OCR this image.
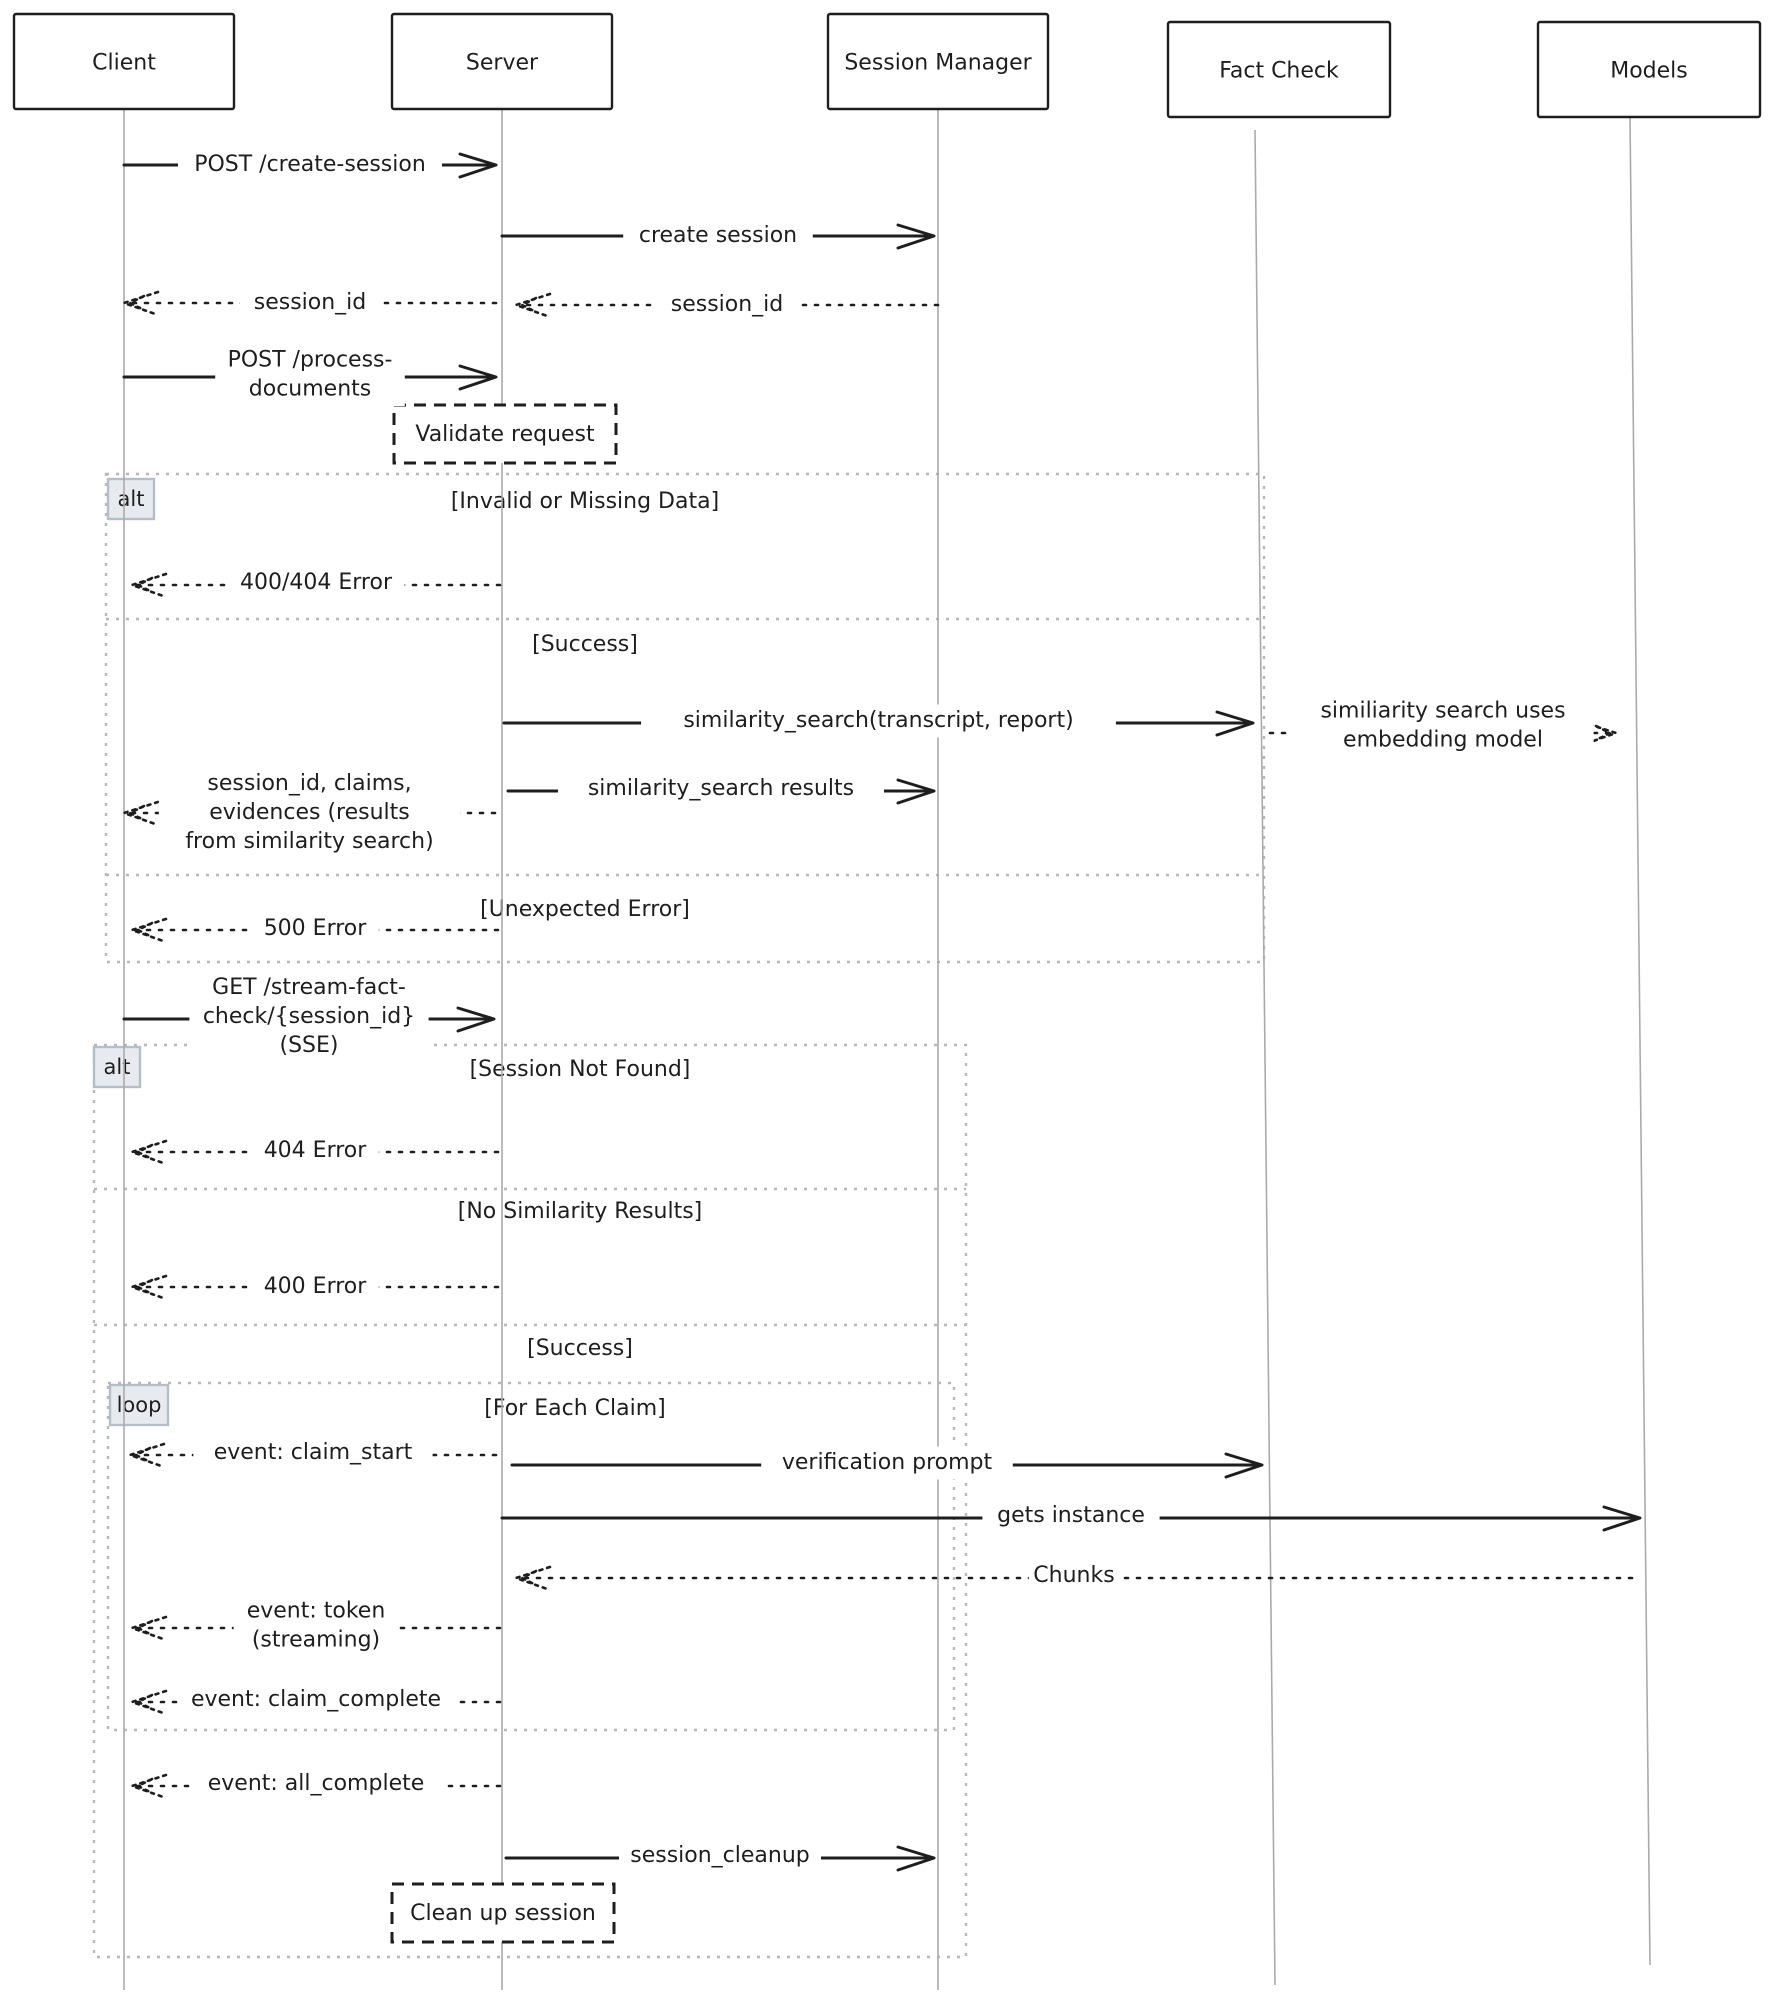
alt	[Invalid or Missing Data]
[Success]
[Unexpected Error]
alt	[Session Not Found]
[No Similarity Results]
[Success]
loop	[For Each Claim]
Client	Server	Session Manager	Fact Check	Models
Validate request
Clean up session
POST /create-session
create session
session_id	session_id
POST /process-
documents
400/404 Error
similarity_search(transcript, report)	similiarity search uses
embedding model
similarity_search results
session_id, claims,
evidences (results
from similarity search)
500 Error
GET /stream-fact-
check/{session_id}
(SSE)
404 Error
400 Error
event: claim_start	verification prompt
gets instance
Chunks
event: token
(streaming)
event: claim_complete
event: all_complete
session_cleanup
